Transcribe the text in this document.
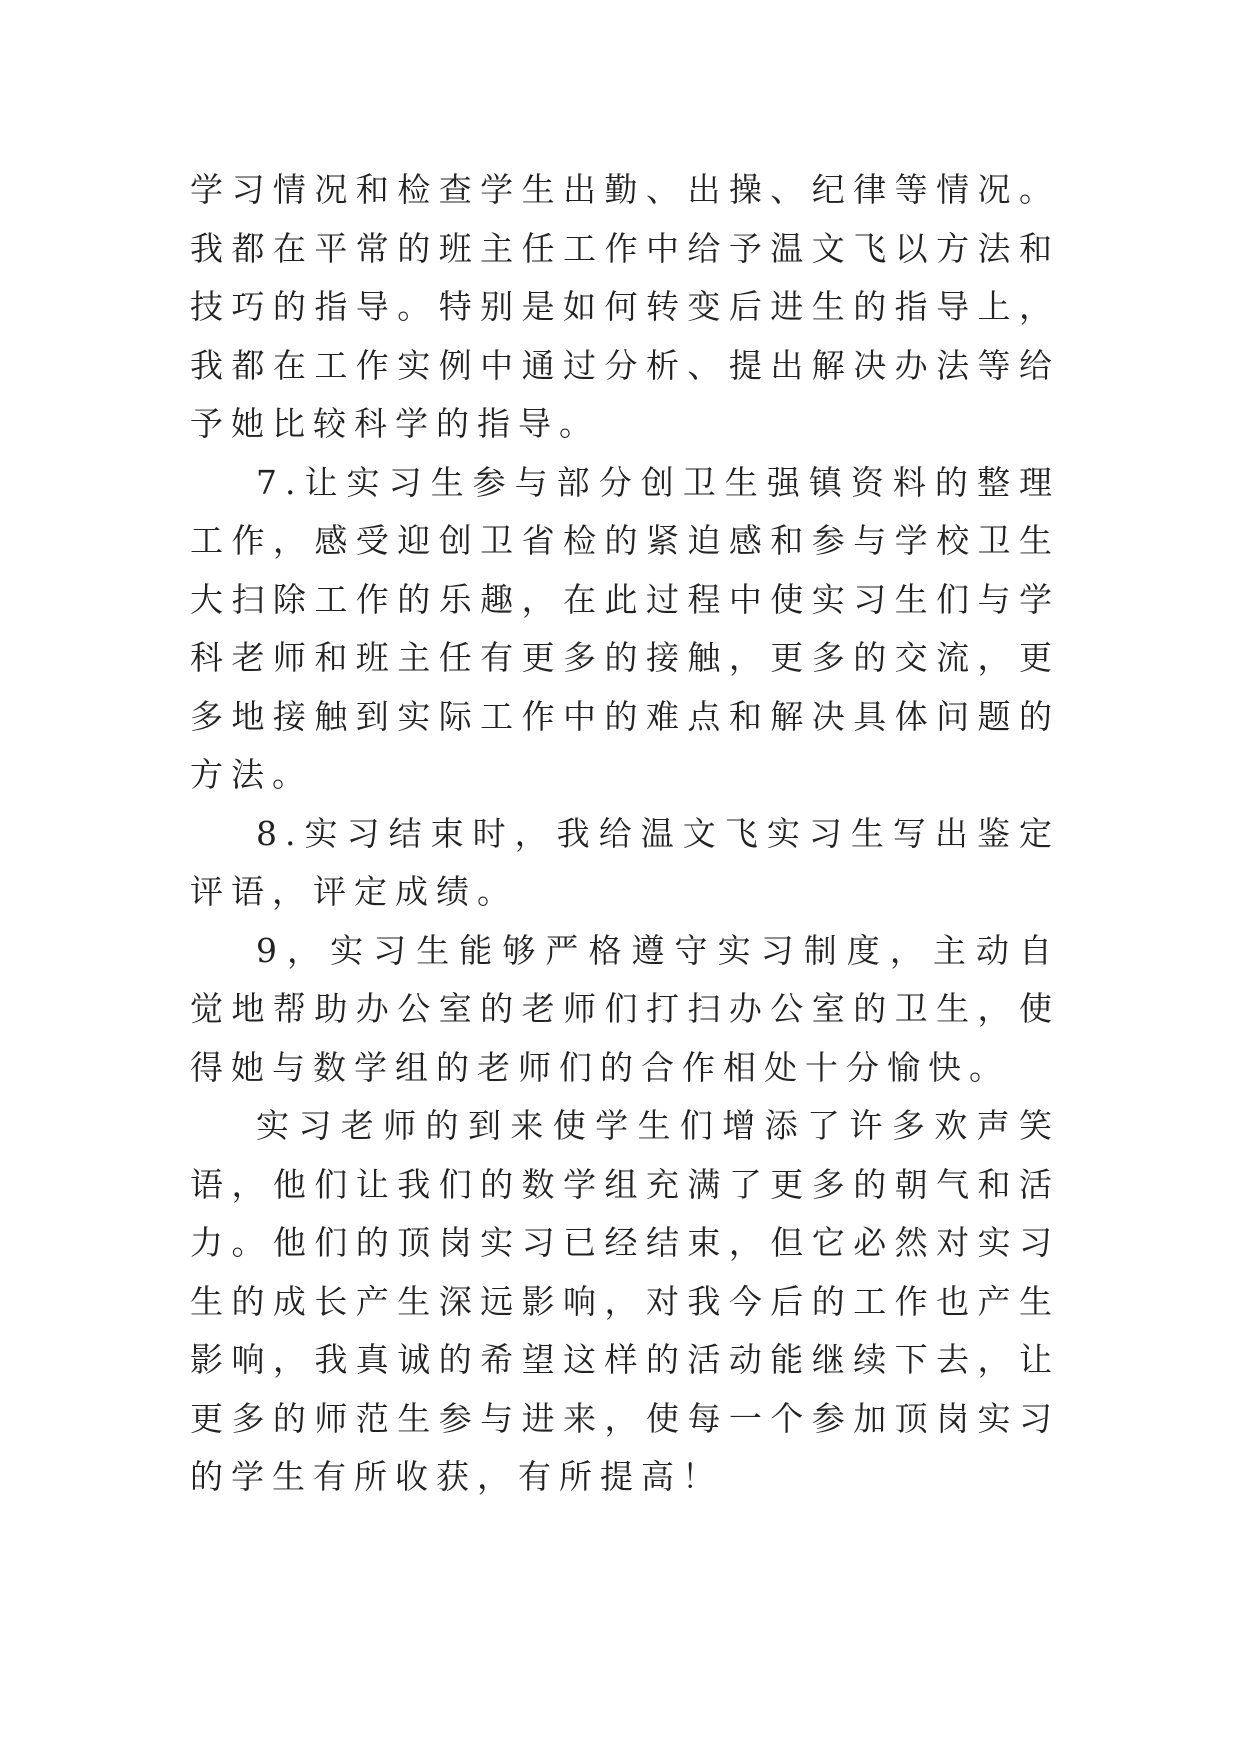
学习情况和检查学生出勤、出操、纪律等情况。我都在平常的班主任工作中给予温文飞以方法和技巧的指导。特别是如何转变后进生的指导上，我都在工作实例中通过分析、提出解决办法等给予她比较科学的指导。

7.让实习生参与部分创卫生强镇资料的整理工作，感受迎创卫省检的紧迫感和参与学校卫生大扫除工作的乐趣，在此过程中使实习生们与学科老师和班主任有更多的接触，更多的交流，更多地接触到实际工作中的难点和解决具体问题的方法。

8.实习结束时，我给温文飞实习生写出鉴定评语，评定成绩。

9，实习生能够严格遵守实习制度，主动自觉地帮助办公室的老师们打扫办公室的卫生，使得她与数学组的老师们的合作相处十分愉快。

实习老师的到来使学生们增添了许多欢声笑语，他们让我们的数学组充满了更多的朝气和活力。他们的顶岗实习已经结束，但它必然对实习生的成长产生深远影响，对我今后的工作也产生影响，我真诚的希望这样的活动能继续下去，让更多的师范生参与进来，使每一个参加顶岗实习的学生有所收获，有所提高！
